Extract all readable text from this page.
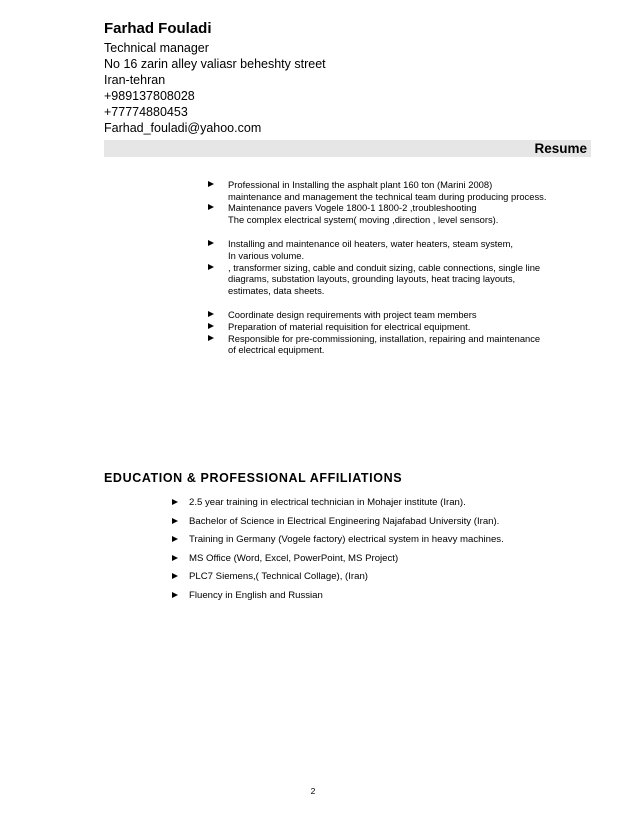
Farhad Fouladi
Technical manager
No 16 zarin alley valiasr beheshty street
Iran-tehran
+989137808028
+77774880453
Farhad_fouladi@yahoo.com
Resume
Professional in Installing the asphalt plant 160 ton (Marini 2008)
maintenance and management the technical team during producing process.
Maintenance pavers Vogele 1800-1 1800-2 ,troubleshooting
The complex electrical system( moving ,direction , level sensors).
Installing and maintenance oil heaters, water heaters, steam system,
In various volume.
, transformer sizing, cable and conduit sizing, cable connections, single line
diagrams, substation layouts, grounding layouts, heat tracing layouts,
estimates, data sheets.
Coordinate design requirements with project team members
Preparation of material requisition for electrical equipment.
Responsible for pre-commissioning, installation, repairing and maintenance
of electrical equipment.
EDUCATION & PROFESSIONAL AFFILIATIONS
2.5 year training in electrical technician in Mohajer institute (Iran).
Bachelor of Science in Electrical Engineering Najafabad University (Iran).
Training in Germany (Vogele factory) electrical system in heavy machines.
MS Office (Word, Excel, PowerPoint, MS Project)
PLC7 Siemens,( Technical Collage), (Iran)
Fluency in English and Russian
2
